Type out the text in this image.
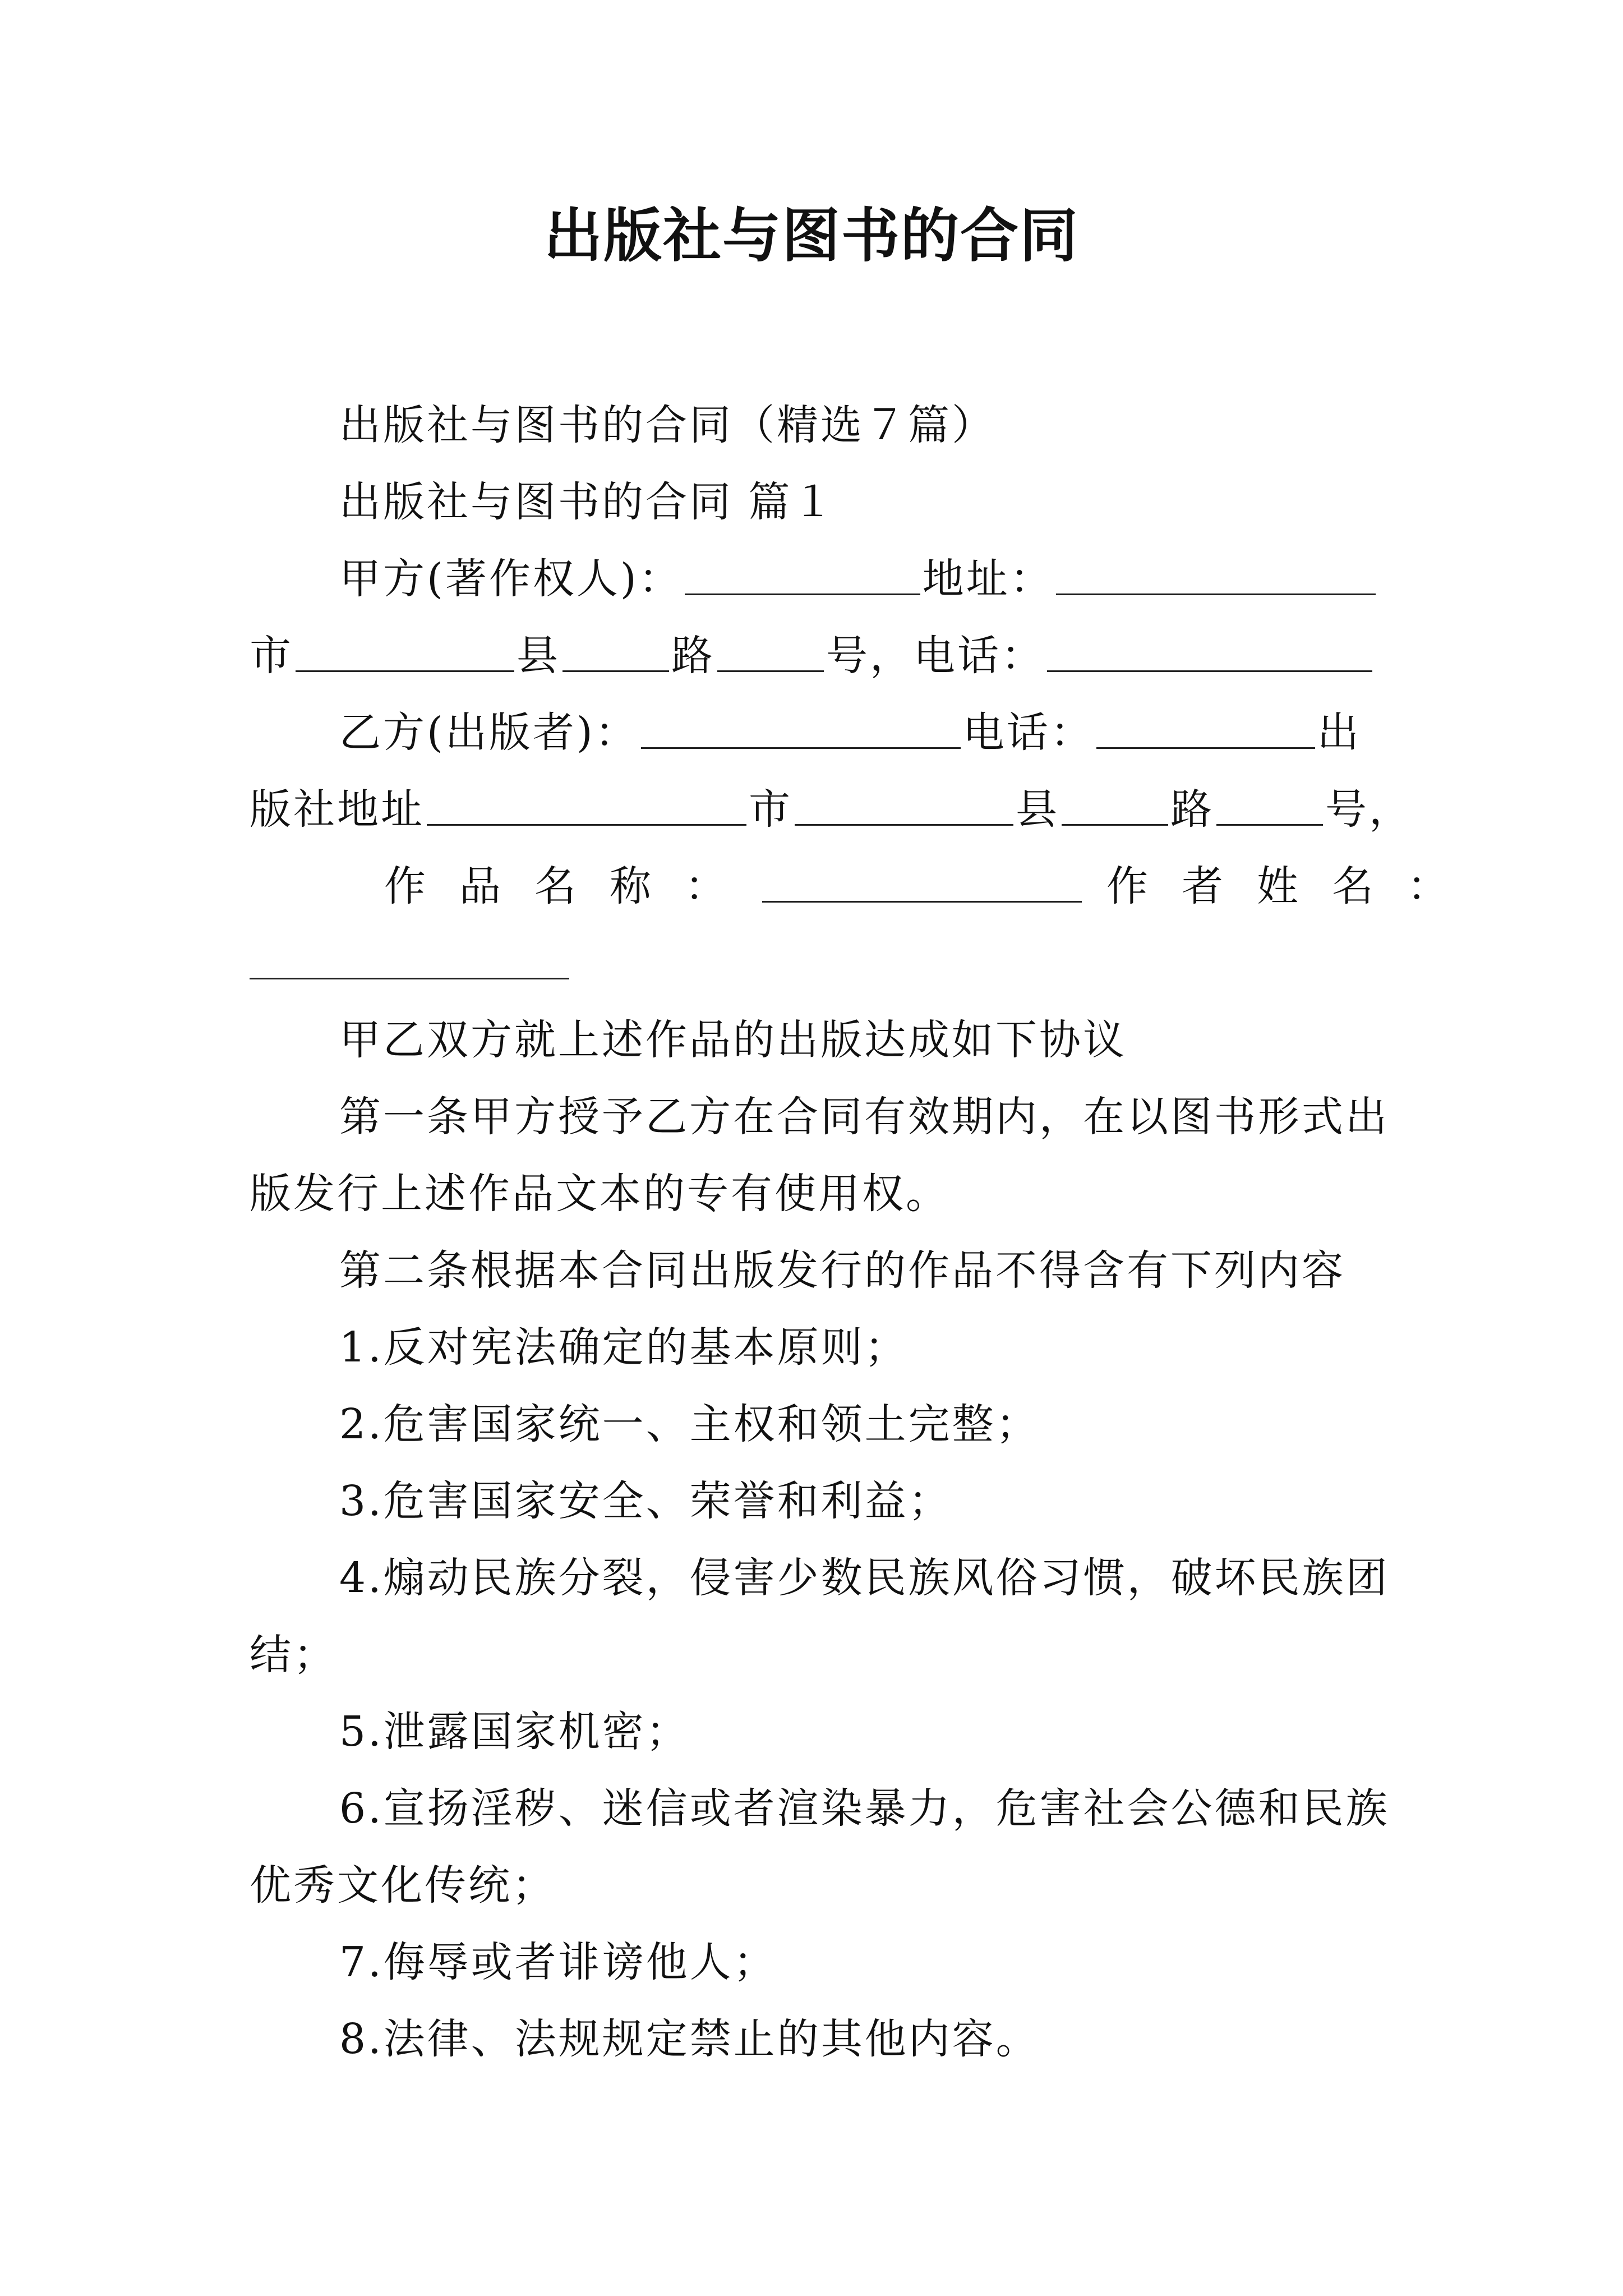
出版社与图书的合同

出版社与图书的合同（精选７篇）

出版社与图书的合同 篇１

甲方(著作权人)：	地址：

市	县	路	号，电话：

乙方(出版者)：	电话：	出

版社地址	市	县	路	号，

作品名称：	作者姓名：

甲乙双方就上述作品的出版达成如下协议

第一条甲方授予乙方在合同有效期内，在以图书形式出

版发行上述作品文本的专有使用权。

第二条根据本合同出版发行的作品不得含有下列内容

1.反对宪法确定的基本原则；

2.危害国家统一、主权和领土完整；

3.危害国家安全、荣誉和利益；

4.煽动民族分裂，侵害少数民族风俗习惯，破坏民族团

结；

5.泄露国家机密；

6.宣扬淫秽、迷信或者渲染暴力，危害社会公德和民族

优秀文化传统；

7.侮辱或者诽谤他人；

8.法律、法规规定禁止的其他内容。
